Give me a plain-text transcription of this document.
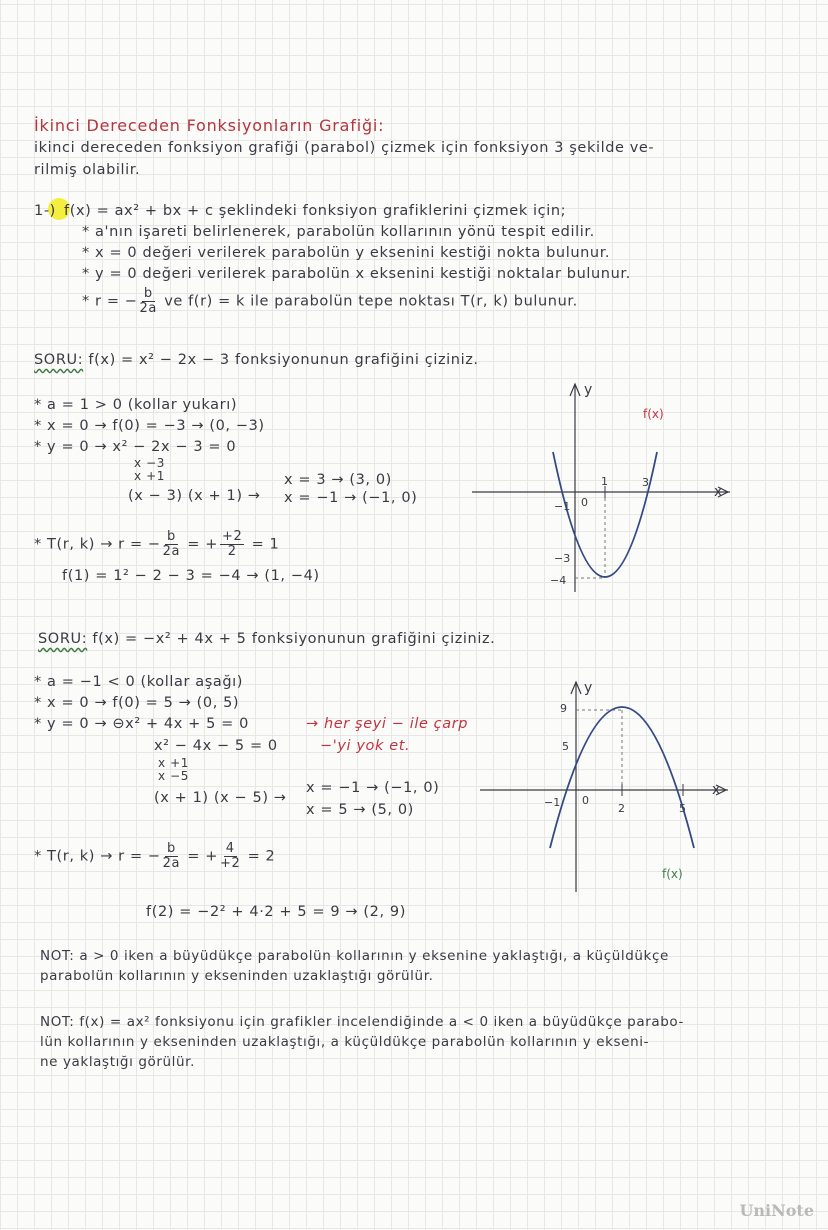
İkinci Dereceden Fonksiyonların Grafiği:
ikinci dereceden fonksiyon grafiği (parabol) çizmek için fonksiyon 3 şekilde ve-
rilmiş olabilir.
1-) f(x) = ax² + bx + c şeklindeki fonksiyon grafiklerini çizmek için;
* a'nın işareti belirlenerek, parabolün kollarının yönü tespit edilir.
* x = 0 değeri verilerek parabolün y eksenini kestiği nokta bulunur.
* y = 0 değeri verilerek parabolün x eksenini kestiği noktalar bulunur.
* r = − $\frac{b}{2a}$ ve f(r) = k ile parabolün tepe noktası T(r, k) bulunur.
SORU: f(x) = x² − 2x − 3 fonksiyonunun grafiğini çiziniz.
* a = 1 > 0 (kollar yukarı)
* x = 0 → f(0) = −3 → (0, −3)
* y = 0 → x² − 2x − 3 = 0
x −3
x +1
(x − 3) (x + 1) →
x = 3 → (3, 0)
x = −1 → (−1, 0)
* T(r, k) → r = − $\frac{b}{2a}$ = + $\frac{+2}{2} = 1$
f(1) = 1² − 2 − 3 = −4 → (1, −4)
y
x
f(x)
1	3
−1 0
−3
−4
SORU: f(x) = −x² + 4x + 5 fonksiyonunun grafiğini çiziniz.
* a = −1 < 0 (kollar aşağı)
* x = 0 → f(0) = 5 → (0, 5)
* y = 0 → ⊖x² + 4x + 5 = 0	→ her şeyi − ile çarp
−'yi yok et.
x² − 4x − 5 = 0
x +1
x −5
(x + 1) (x − 5) →
x = −1 → (−1, 0)
x = 5 → (5, 0)
* T(r, k) → r = − $\frac{b}{2a}$ = + $\frac{4}{+2} = 2$
f(2) = −2² + 4·2 + 5 = 9 → (2, 9)
y
x
f(x)
9
5
−1 0
2	5
NOT: a > 0 iken a büyüdükçe parabolün kollarının y eksenine yaklaştığı, a küçüldükçe
parabolün kollarının y ekseninden uzaklaştığı görülür.
NOT: f(x) = ax² fonksiyonu için grafikler incelendiğinde a < 0 iken a büyüdükçe parabo-
lün kollarının y ekseninden uzaklaştığı, a küçüldükçe parabolün kollarının y ekseni-
ne yaklaştığı görülür.
UniNote
